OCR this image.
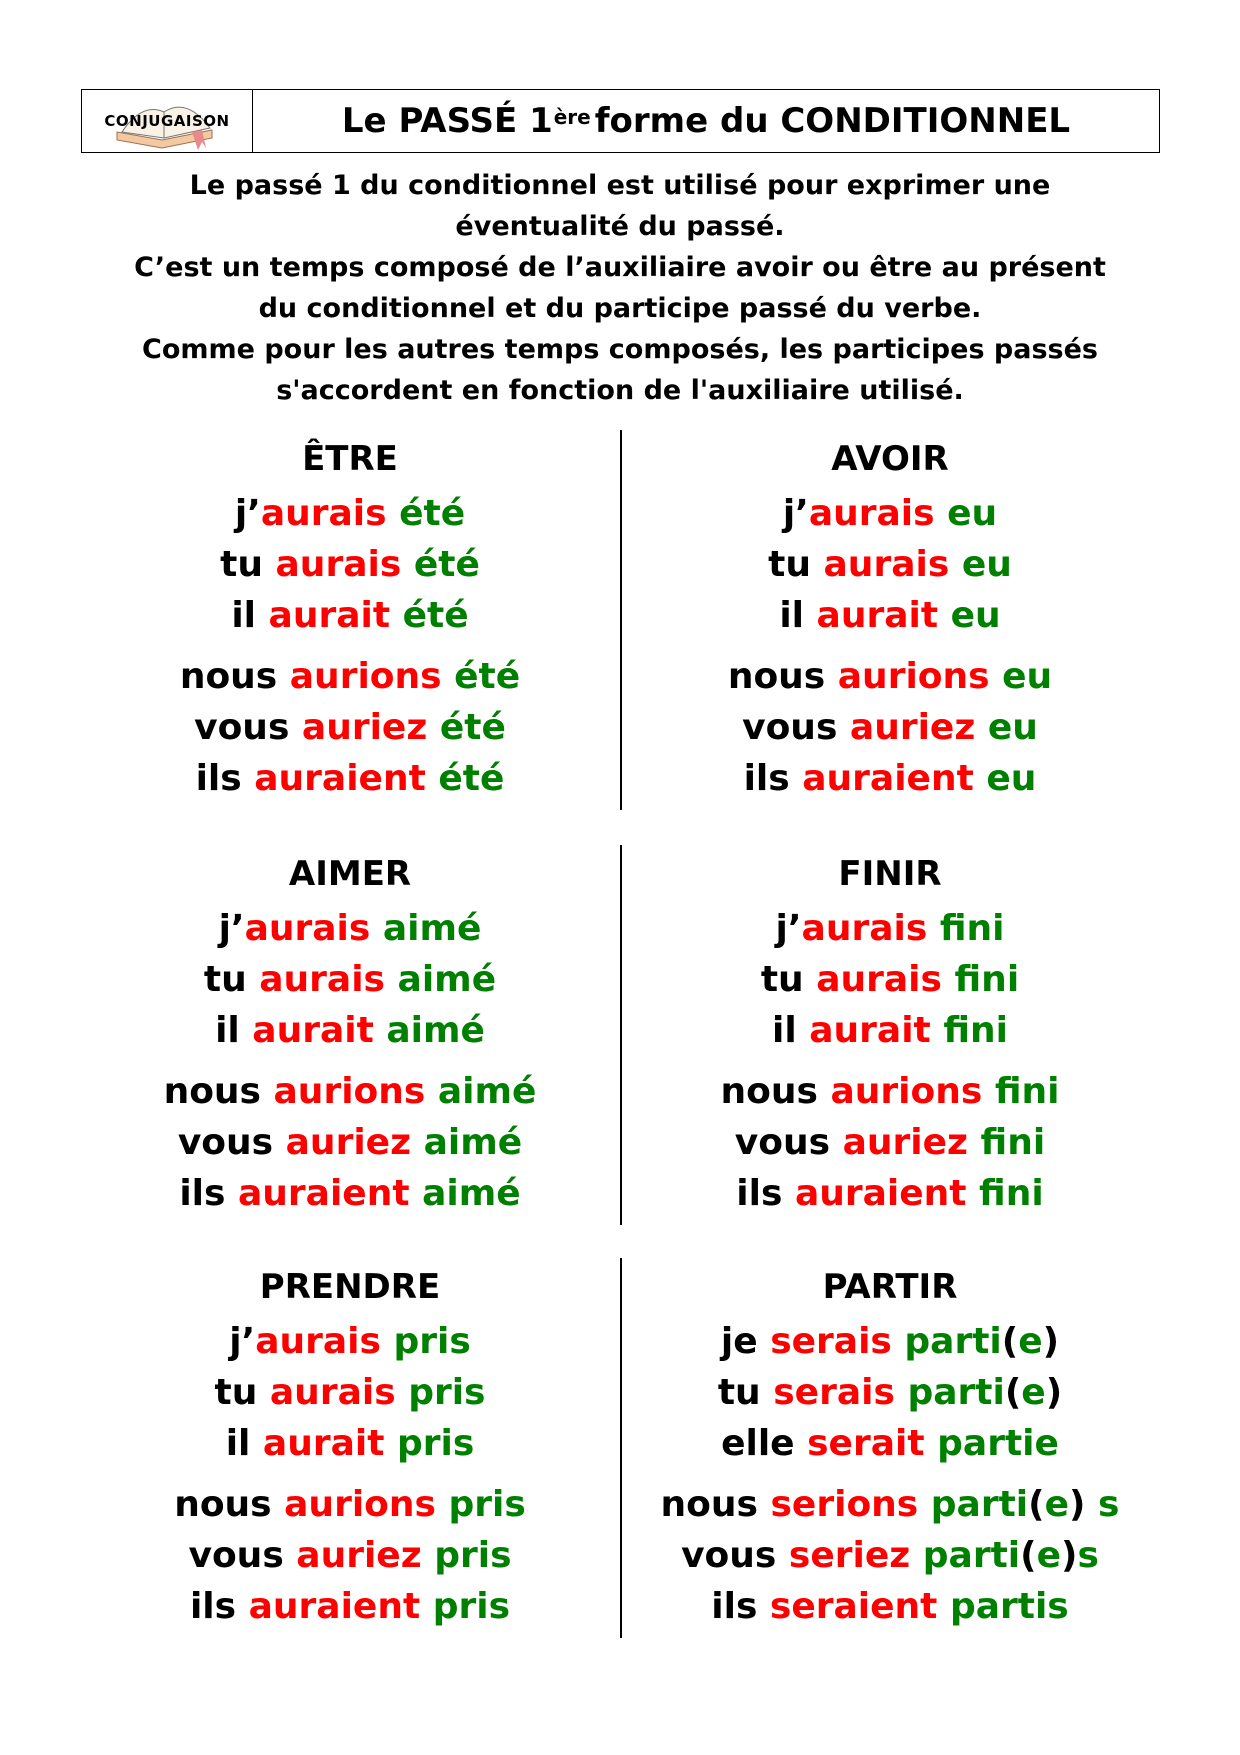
CONJUGAISON	Le PASSÉ 1ère forme du CONDITIONNEL
Le passé 1 du conditionnel est utilisé pour exprimer une
éventualité du passé.
C’est un temps composé de l’auxiliaire avoir ou être au présent
du conditionnel et du participe passé du verbe.
Comme pour les autres temps composés, les participes passés
s'accordent en fonction de l'auxiliaire utilisé.
ÊTRE
j’aurais été
tu aurais été
il aurait été
nous aurions été
vous auriez été
ils auraient été
AVOIR
j’aurais eu
tu aurais eu
il aurait eu
nous aurions eu
vous auriez eu
ils auraient eu
AIMER
j’aurais aimé
tu aurais aimé
il aurait aimé
nous aurions aimé
vous auriez aimé
ils auraient aimé
FINIR
j’aurais fini
tu aurais fini
il aurait fini
nous aurions fini
vous auriez fini
ils auraient fini
PRENDRE
j’aurais pris
tu aurais pris
il aurait pris
nous aurions pris
vous auriez pris
ils auraient pris
PARTIR
je serais parti(e)
tu serais parti(e)
elle serait partie
nous serions parti(e) s
vous seriez parti(e)s
ils seraient partis
